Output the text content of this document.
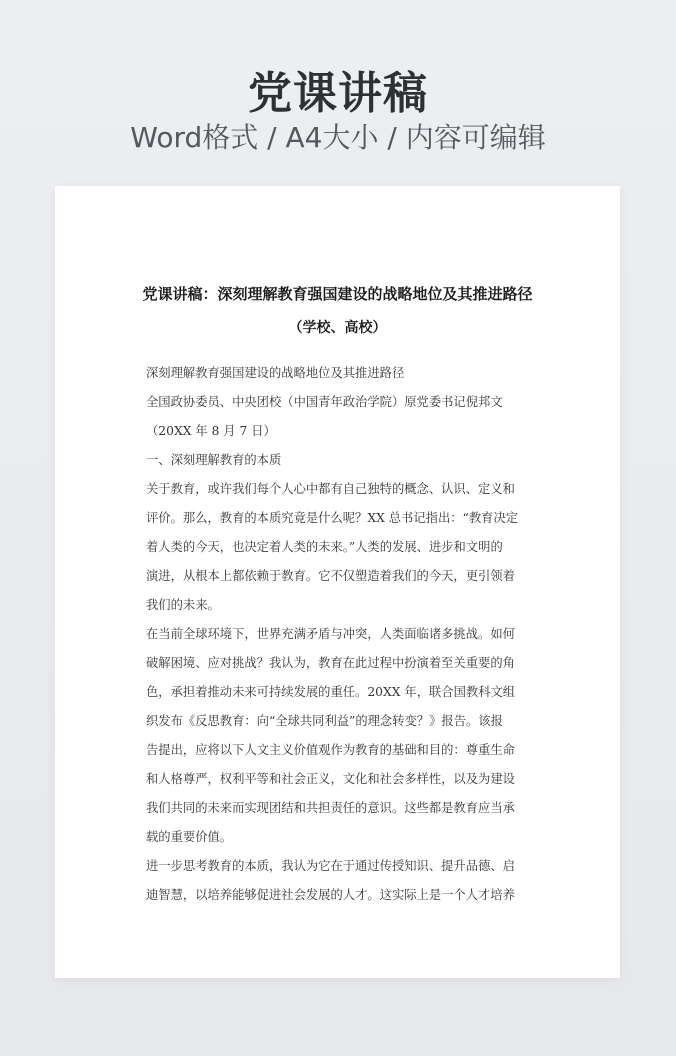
党课讲稿
Word格式 / A4大小 / 内容可编辑
党课讲稿：深刻理解教育强国建设的战略地位及其推进路径
（学校、高校）
深刻理解教育强国建设的战略地位及其推进路径
全国政协委员、中央团校（中国青年政治学院）原党委书记倪邦文
（20XX 年 8 月 7 日）
一、深刻理解教育的本质
关于教育，或许我们每个人心中都有自己独特的概念、认识、定义和
评价。那么，教育的本质究竟是什么呢？XX 总书记指出：“教育决定
着人类的今天，也决定着人类的未来。”人类的发展、进步和文明的
演进，从根本上都依赖于教育。它不仅塑造着我们的今天，更引领着
我们的未来。
在当前全球环境下，世界充满矛盾与冲突，人类面临诸多挑战。如何
破解困境、应对挑战？我认为，教育在此过程中扮演着至关重要的角
色，承担着推动未来可持续发展的重任。20XX 年，联合国教科文组
织发布《反思教育：向“全球共同利益”的理念转变？》报告。该报
告提出，应将以下人文主义价值观作为教育的基础和目的：尊重生命
和人格尊严，权利平等和社会正义，文化和社会多样性，以及为建设
我们共同的未来而实现团结和共担责任的意识。这些都是教育应当承
载的重要价值。
进一步思考教育的本质，我认为它在于通过传授知识、提升品德、启
迪智慧，以培养能够促进社会发展的人才。这实际上是一个人才培养
